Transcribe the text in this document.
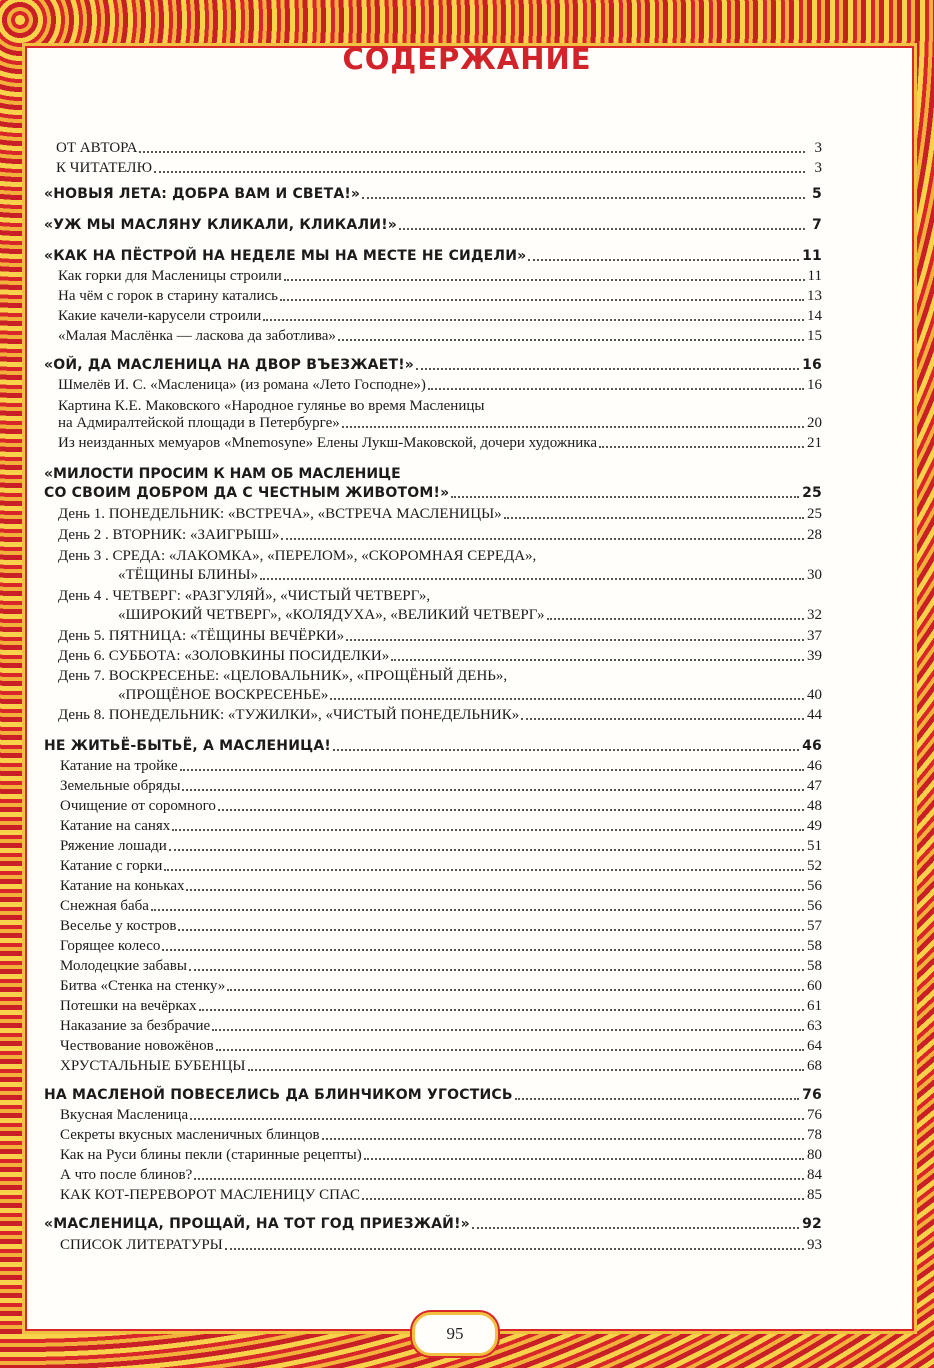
СОДЕРЖАНИЕ
ОТ АВТОРА	3
К ЧИТАТЕЛЮ	3
«НОВЫЯ ЛЕТА: ДОБРА ВАМ И СВЕТА!»	5
«УЖ МЫ МАСЛЯНУ КЛИКАЛИ, КЛИКАЛИ!»	7
«КАК НА ПЁСТРОЙ НА НЕДЕЛЕ МЫ НА МЕСТЕ НЕ СИДЕЛИ»	11
Как горки для Масленицы строили	11
На чём с горок в старину катались	13
Какие качели-карусели строили	14
«Малая Маслёнка — ласкова да заботлива»	15
«ОЙ, ДА МАСЛЕНИЦА НА ДВОР ВЪЕЗЖАЕТ!»	16
Шмелёв И. С. «Масленица» (из романа «Лето Господне»)	16
Картина К.Е. Маковского «Народное гулянье во время Масленицы
на Адмиралтейской площади в Петербурге»	20
Из неизданных мемуаров «Mnemosyne» Елены Лукш-Маковской, дочери художника	21
«МИЛОСТИ ПРОСИМ К НАМ ОБ МАСЛЕНИЦЕ
СО СВОИМ ДОБРОМ ДА С ЧЕСТНЫМ ЖИВОТОМ!»	25
День 1. ПОНЕДЕЛЬНИК: «ВСТРЕЧА», «ВСТРЕЧА МАСЛЕНИЦЫ»	25
День 2 . ВТОРНИК: «ЗАИГРЫШ»	28
День 3 . СРЕДА: «ЛАКОМКА», «ПЕРЕЛОМ», «СКОРОМНАЯ СЕРЕДА»,
«ТЁЩИНЫ БЛИНЫ»	30
День 4 . ЧЕТВЕРГ: «РАЗГУЛЯЙ», «ЧИСТЫЙ ЧЕТВЕРГ»,
«ШИРОКИЙ ЧЕТВЕРГ», «КОЛЯДУХА», «ВЕЛИКИЙ ЧЕТВЕРГ»	32
День 5. ПЯТНИЦА: «ТЁЩИНЫ ВЕЧЁРКИ»	37
День 6. СУББОТА: «ЗОЛОВКИНЫ ПОСИДЕЛКИ»	39
День 7. ВОСКРЕСЕНЬЕ: «ЦЕЛОВАЛЬНИК», «ПРОЩЁНЫЙ ДЕНЬ»,
«ПРОЩЁНОЕ ВОСКРЕСЕНЬЕ»	40
День 8. ПОНЕДЕЛЬНИК: «ТУЖИЛКИ», «ЧИСТЫЙ ПОНЕДЕЛЬНИК»	44
НЕ ЖИТЬЁ-БЫТЬЁ, А МАСЛЕНИЦА!	46
Катание на тройке	46
Земельные обряды	47
Очищение от соромного	48
Катание на санях	49
Ряжение лошади	51
Катание с горки	52
Катание на коньках	56
Снежная баба	56
Веселье у костров	57
Горящее колесо	58
Молодецкие забавы	58
Битва «Стенка на стенку»	60
Потешки на вечёрках	61
Наказание за безбрачие	63
Чествование новожёнов	64
ХРУСТАЛЬНЫЕ БУБЕНЦЫ	68
НА МАСЛЕНОЙ ПОВЕСЕЛИСЬ ДА БЛИНЧИКОМ УГОСТИСЬ	76
Вкусная Масленица	76
Секреты вкусных масленичных блинцов	78
Как на Руси блины пекли (старинные рецепты)	80
А что после блинов?	84
КАК КОТ-ПЕРЕВОРОТ МАСЛЕНИЦУ СПАС	85
«МАСЛЕНИЦА, ПРОЩАЙ, НА ТОТ ГОД ПРИЕЗЖАЙ!»	92
СПИСОК ЛИТЕРАТУРЫ	93
95
